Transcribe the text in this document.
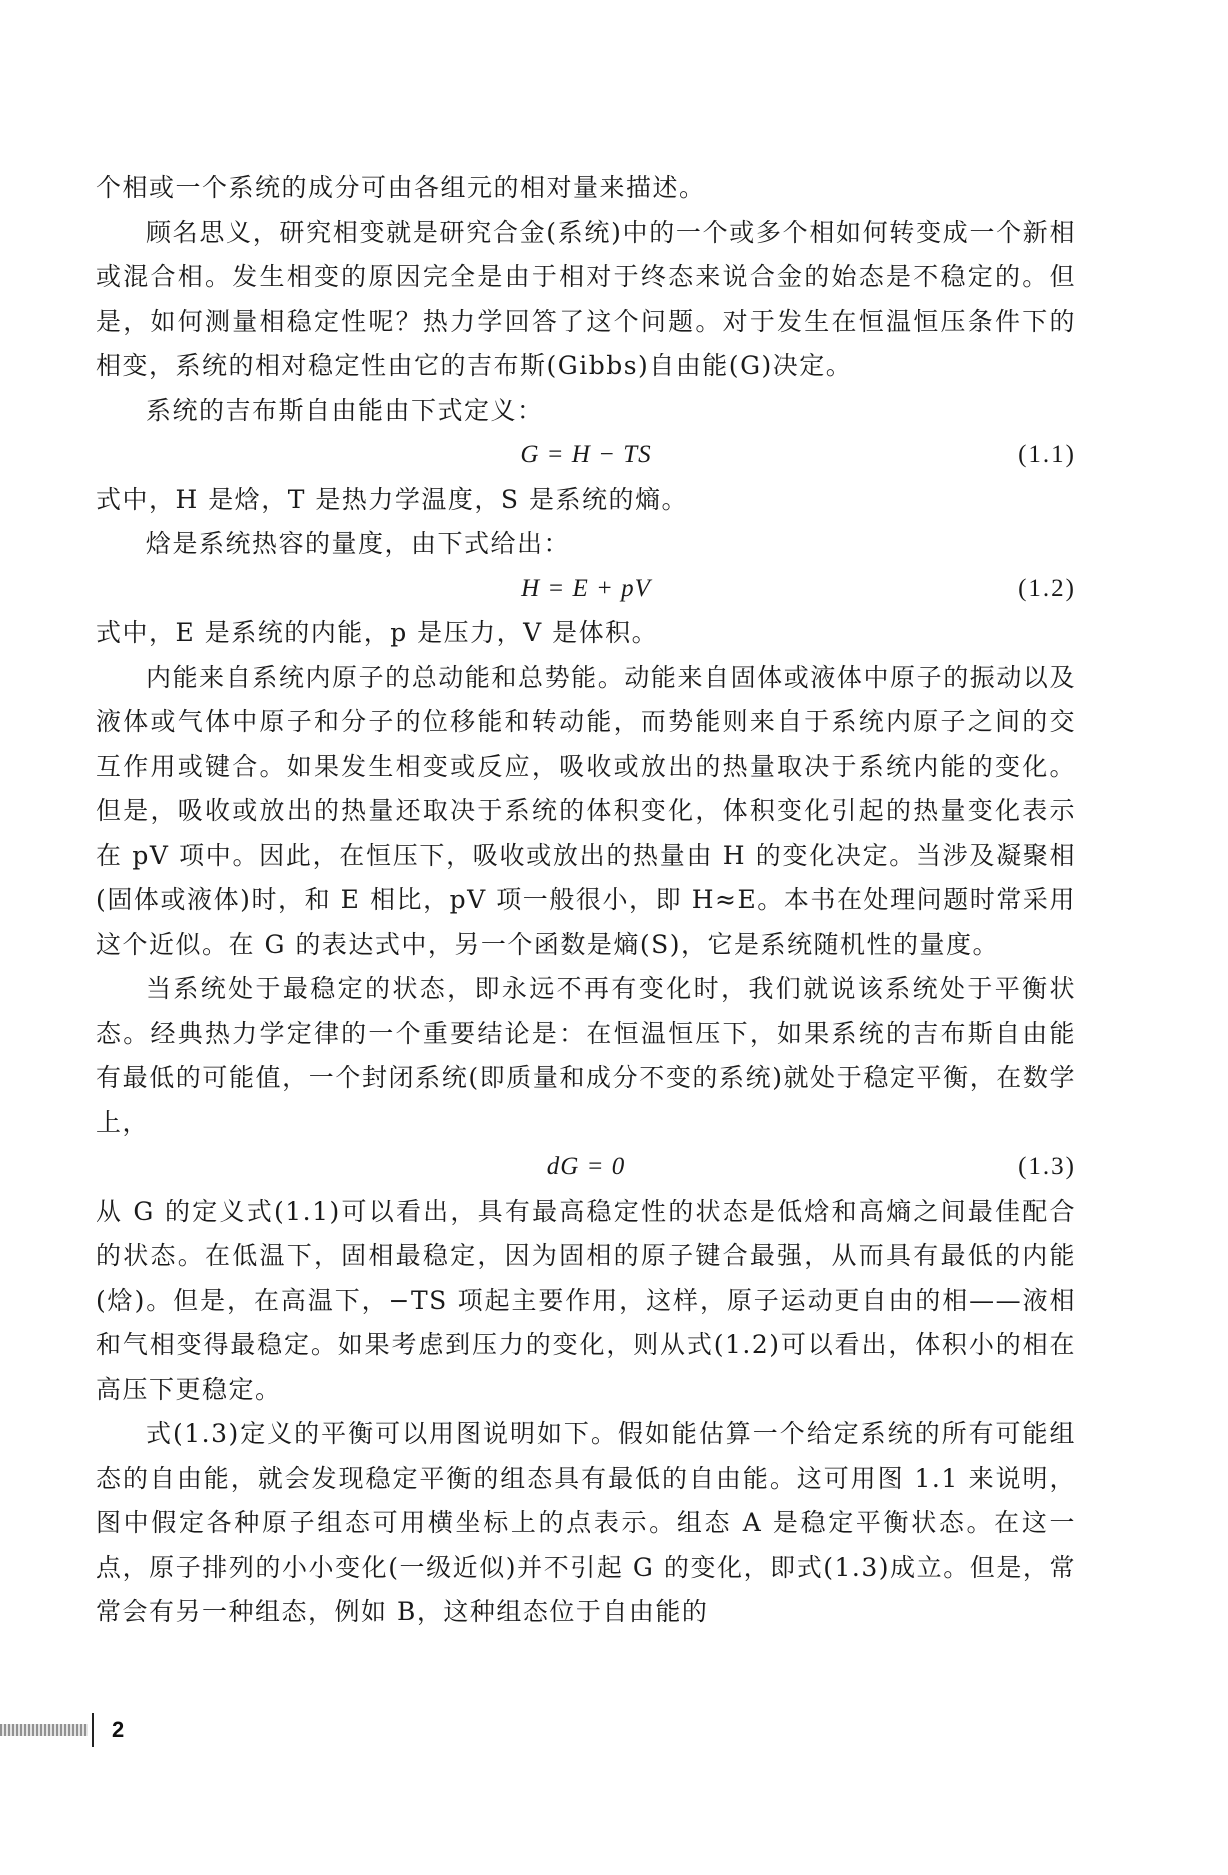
个相或一个系统的成分可由各组元的相对量来描述。

顾名思义，研究相变就是研究合金(系统)中的一个或多个相如何转变成一个新相或混合相。发生相变的原因完全是由于相对于终态来说合金的始态是不稳定的。但是，如何测量相稳定性呢？热力学回答了这个问题。对于发生在恒温恒压条件下的相变，系统的相对稳定性由它的吉布斯(Gibbs)自由能(G)决定。

系统的吉布斯自由能由下式定义：

G = H − TS	(1.1)

式中，H 是焓，T 是热力学温度，S 是系统的熵。

焓是系统热容的量度，由下式给出：

H = E + pV	(1.2)

式中，E 是系统的内能，p 是压力，V 是体积。

内能来自系统内原子的总动能和总势能。动能来自固体或液体中原子的振动以及液体或气体中原子和分子的位移能和转动能，而势能则来自于系统内原子之间的交互作用或键合。如果发生相变或反应，吸收或放出的热量取决于系统内能的变化。但是，吸收或放出的热量还取决于系统的体积变化，体积变化引起的热量变化表示在 pV 项中。因此，在恒压下，吸收或放出的热量由 H 的变化决定。当涉及凝聚相(固体或液体)时，和 E 相比，pV 项一般很小，即 H≈E。本书在处理问题时常采用这个近似。在 G 的表达式中，另一个函数是熵(S)，它是系统随机性的量度。

当系统处于最稳定的状态，即永远不再有变化时，我们就说该系统处于平衡状态。经典热力学定律的一个重要结论是：在恒温恒压下，如果系统的吉布斯自由能有最低的可能值，一个封闭系统(即质量和成分不变的系统)就处于稳定平衡，在数学上，

dG = 0	(1.3)

从 G 的定义式(1.1)可以看出，具有最高稳定性的状态是低焓和高熵之间最佳配合的状态。在低温下，固相最稳定，因为固相的原子键合最强，从而具有最低的内能(焓)。但是，在高温下，−TS 项起主要作用，这样，原子运动更自由的相——液相和气相变得最稳定。如果考虑到压力的变化，则从式(1.2)可以看出，体积小的相在高压下更稳定。

式(1.3)定义的平衡可以用图说明如下。假如能估算一个给定系统的所有可能组态的自由能，就会发现稳定平衡的组态具有最低的自由能。这可用图 1.1 来说明，图中假定各种原子组态可用横坐标上的点表示。组态 A 是稳定平衡状态。在这一点，原子排列的小小变化(一级近似)并不引起 G 的变化，即式(1.3)成立。但是，常常会有另一种组态，例如 B，这种组态位于自由能的

2
